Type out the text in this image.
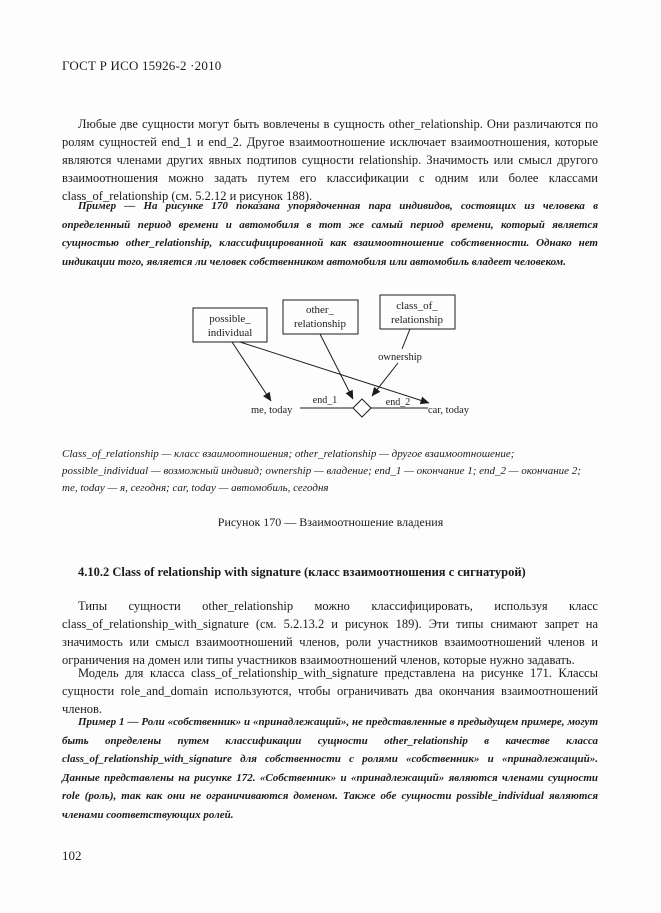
ГОСТ Р ИСО 15926-2 ·2010
Любые две сущности могут быть вовлечены в сущность other_relationship. Они различаются по ролям сущностей end_1 и end_2. Другое взаимоотношение исключает взаимоотношения, которые являются членами других явных подтипов сущности relationship. Значимость или смысл другого взаимоотношения можно задать путем его классификации с одним или более классами class_of_relationship (см. 5.2.12 и рисунок 188).
Пример — На рисунке 170 показана упорядоченная пара индивидов, состоящих из человека в определенный период времени и автомобиля в тот же самый период времени, который является сущностью other_relationship, классифицированной как взаимоотношение собственности. Однако нет индикации того, является ли человек собственником автомобиля или автомобиль владеет человеком.
possible_
individual
other_
relationship
class_of_
relationship
ownership
me, today	car, today
end_1	end_2
Class_of_relationship — класс взаимоотношения; other_relationship — другое взаимоотношение; possible_individual — возможный индивид; ownership — владение; end_1 — окончание 1; end_2 — окончание 2; me, today — я, сегодня; car, today — автомобиль, сегодня
Рисунок 170 — Взаимоотношение владения
4.10.2 Class of relationship with signature (класс взаимоотношения с сигнатурой)
Типы сущности other_relationship можно классифицировать, используя класс class_of_relationship_with_signature (см. 5.2.13.2 и рисунок 189). Эти типы снимают запрет на значимость или смысл взаимоотношений членов, роли участников взаимоотношений членов и ограничения на домен или типы участников взаимоотношений членов, которые нужно задавать.
Модель для класса class_of_relationship_with_signature представлена на рисунке 171. Классы сущности role_and_domain используются, чтобы ограничивать два окончания взаимоотношений членов.
Пример 1 — Роли «собственник» и «принадлежащий», не представленные в предыдущем примере, могут быть определены путем классификации сущности other_relationship в качестве класса class_of_relationship_with_signature для собственности с ролями «собственник» и «принадлежащий». Данные представлены на рисунке 172. «Собственник» и «принадлежащий» являются членами сущности role (роль), так как они не ограничиваются доменом. Также обе сущности possible_individual являются членами соответствующих ролей.
102
